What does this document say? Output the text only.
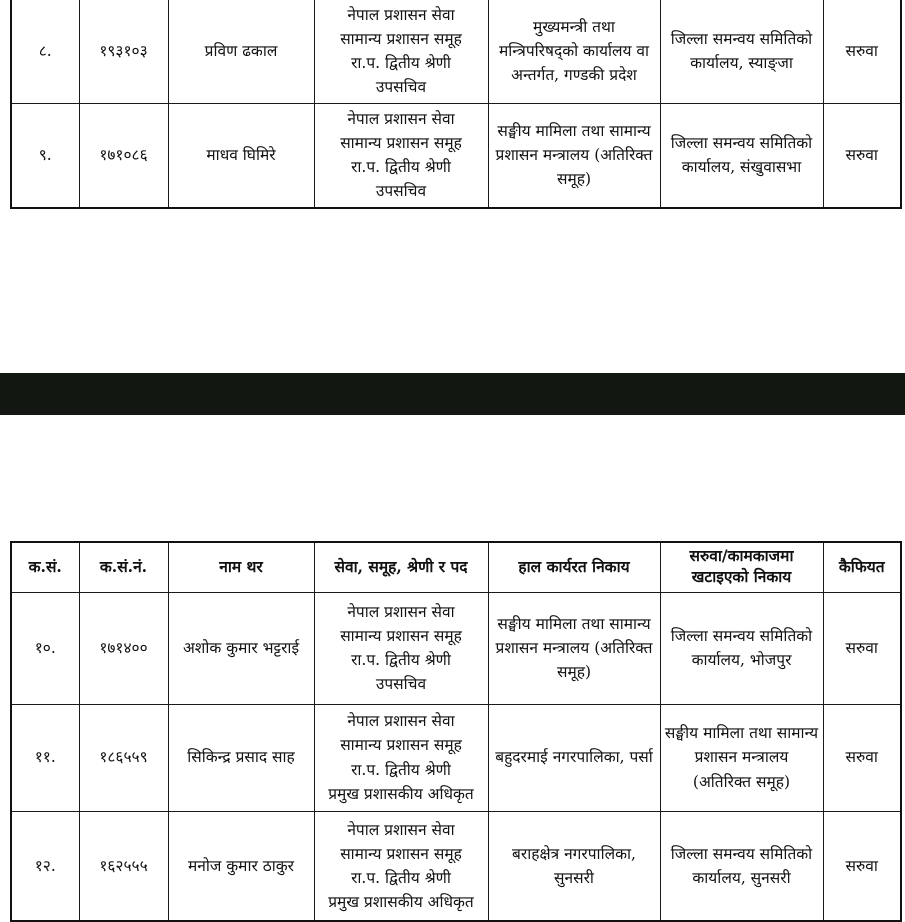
८.	१९३१०३	प्रविण ढकाल	नेपाल प्रशासन सेवा
सामान्य प्रशासन समूह
रा.प. द्वितीय श्रेणी
उपसचिव	मुख्यमन्त्री तथा मन्त्रिपरिषद्को कार्यालय वा अन्तर्गत, गण्डकी प्रदेश	जिल्ला समन्वय समितिको कार्यालय, स्याङ्जा	सरुवा
९.	१७१०८६	माधव घिमिरे	नेपाल प्रशासन सेवा
सामान्य प्रशासन समूह
रा.प. द्वितीय श्रेणी
उपसचिव	सङ्घीय मामिला तथा सामान्य प्रशासन मन्त्रालय (अतिरिक्त समूह)	जिल्ला समन्वय समितिको कार्यालय, संखुवासभा	सरुवा
क.सं.	क.सं.नं.	नाम थर	सेवा, समूह, श्रेणी र पद	हाल कार्यरत निकाय	सरुवा/कामकाजमा खटाइएको निकाय	कैफियत
१०.	१७१४००	अशोक कुमार भट्टराई	नेपाल प्रशासन सेवा
सामान्य प्रशासन समूह
रा.प. द्वितीय श्रेणी
उपसचिव	सङ्घीय मामिला तथा सामान्य प्रशासन मन्त्रालय (अतिरिक्त समूह)	जिल्ला समन्वय समितिको कार्यालय, भोजपुर	सरुवा
११.	१८६५५९	सिकिन्द्र प्रसाद साह	नेपाल प्रशासन सेवा
सामान्य प्रशासन समूह
रा.प. द्वितीय श्रेणी
प्रमुख प्रशासकीय अधिकृत	बहुदरमाई नगरपालिका, पर्सा	सङ्घीय मामिला तथा सामान्य प्रशासन मन्त्रालय (अतिरिक्त समूह)	सरुवा
१२.	१६२५५५	मनोज कुमार ठाकुर	नेपाल प्रशासन सेवा
सामान्य प्रशासन समूह
रा.प. द्वितीय श्रेणी
प्रमुख प्रशासकीय अधिकृत	बराहक्षेत्र नगरपालिका, सुनसरी	जिल्ला समन्वय समितिको कार्यालय, सुनसरी	सरुवा
